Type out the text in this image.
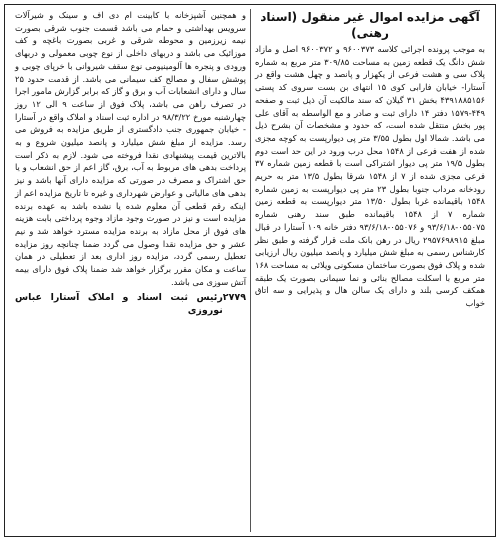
آگهی مزایده اموال غیر منقول (اسناد رهنی)

به موجب پرونده اجرائی کلاسه ۹۶۰۰۳۷۳ و ۹۶۰۰۳۷۲ اصل و مازاد شش دانگ یک قطعه زمین به مساحت ۳۰۹/۸۵ متر مربع به شماره پلاک سی و هشت فرعی از یکهزار و پانصد و چهل هشت واقع در آستارا- خیابان فارابی کوی ۱۵ انتهای بن بست سروی کد پستی ۴۳۹۱۸۸۵۱۵۶ بخش ۳۱ گیلان که سند مالکیت آن ذیل ثبت و صفحه ۴۴۹-۱۵۷۹ دفتر ۱۴ دارای ثبت و صادر و مع الواسطه به آقای علی پور بخش منتقل شده است، که حدود و مشخصات آن بشرح ذیل می باشد. شمالا اول بطول ۳/۵۵ متر پی دیوارپست به کوچه مجزی شده از هفت فرعی از ۱۵۴۸ محل درب ورود در این حد است دوم بطول ۱۹/۵ متر پی دیوار اشتراکی است با قطعه زمین شماره ۳۷ فرعی مجزی شده از ۷ از ۱۵۴۸ شرقا بطول ۱۳/۵ متر به حریم رودخانه مرداب جنوبا بطول ۲۳ متر پی دیوارپست به زمین شماره ۱۵۴۸ باقیمانده غربا بطول ۱۳/۵۰ متر دیوارپست به قطعه زمین شماره ۷ از ۱۵۴۸ باقیمانده طبق سند رهنی شماره ۰۵۵۰۷۵-۹۳/۶/۱۸ و ۰۵۵۰۷۶-۹۳/۶/۱۸ دفتر خانه ۱۰۹ آستارا در قبال مبلغ ۲۹۵۷۶۹۸۹۱۵ ریال در رهن بانک ملت قرار گرفته و طبق نظر کارشناس رسمی به مبلغ شش میلیارد و پانصد میلیون ریال ارزیابی شده و پلاک فوق بصورت ساختمان مسکونی ویلائی به مساحت ۱۶۸ متر مربع با اسکلت مصالح بنائی و نما سیمانی بصورت یک طبقه همکف کرسی بلند و دارای یک سالن هال و پذیرایی و سه اتاق خواب

و همچنین آشپزخانه با کابینت ام دی اف و سینک و شیرآلات سرویس بهداشتی و حمام می باشد قسمت جنوب شرقی بصورت نیمه زیرزمین و محوطه شرقی و غربی بصورت باغچه و کف موزائیک می باشد و دربهای داخلی از نوع چوبی معمولی و دربهای ورودی و پنجره ها آلومینیومی نوع سقف شیروانی با خرپای چوبی و پوشش سفال و مصالح کف سیمانی می باشد. از قدمت حدود ۲۵ سال و دارای انشعابات آب و برق و گاز که برابر گزارش مامور اجرا در تصرف راهن می باشد، پلاک فوق از ساعت ۹ الی ۱۲ روز چهارشنبه مورخ ۹۸/۳/۲۲ در اداره ثبت اسناد و املاک واقع در آستارا - خیابان جمهوری جنب دادگستری از طریق مزایده به فروش می رسد. مزایده از مبلغ شش میلیارد و پانصد میلیون شروع و به بالاترین قیمت پیشنهادی نقدا فروخته می شود. لازم به ذکر است پرداخت بدهی های مربوط به آب، برق، گاز اعم از حق انشعاب و یا حق اشتراک و مصرف در صورتی که مزایده دارای آنها باشد و نیز بدهی های مالیاتی و عوارض شهرداری و غیره تا تاریخ مزایده اعم از اینکه رقم قطعی آن معلوم شده یا نشده باشد به عهده برنده مزایده است و نیز در صورت وجود مازاد وجوه پرداختی بابت هزینه های فوق از محل مازاد به برنده مزایده مسترد خواهد شد و نیم عشر و حق مزایده نقدا وصول می گردد ضمنا چنانچه روز مزایده تعطیل رسمی گردد، مزایده روز اداری بعد از تعطیلی در همان ساعت و مکان مقرر برگزار خواهد شد ضمنا پلاک فوق دارای بیمه آتش سوزی می باشد.

رئیس ثبت اسناد و املاک آستارا عباس نوروزی
۲۷۷۹
